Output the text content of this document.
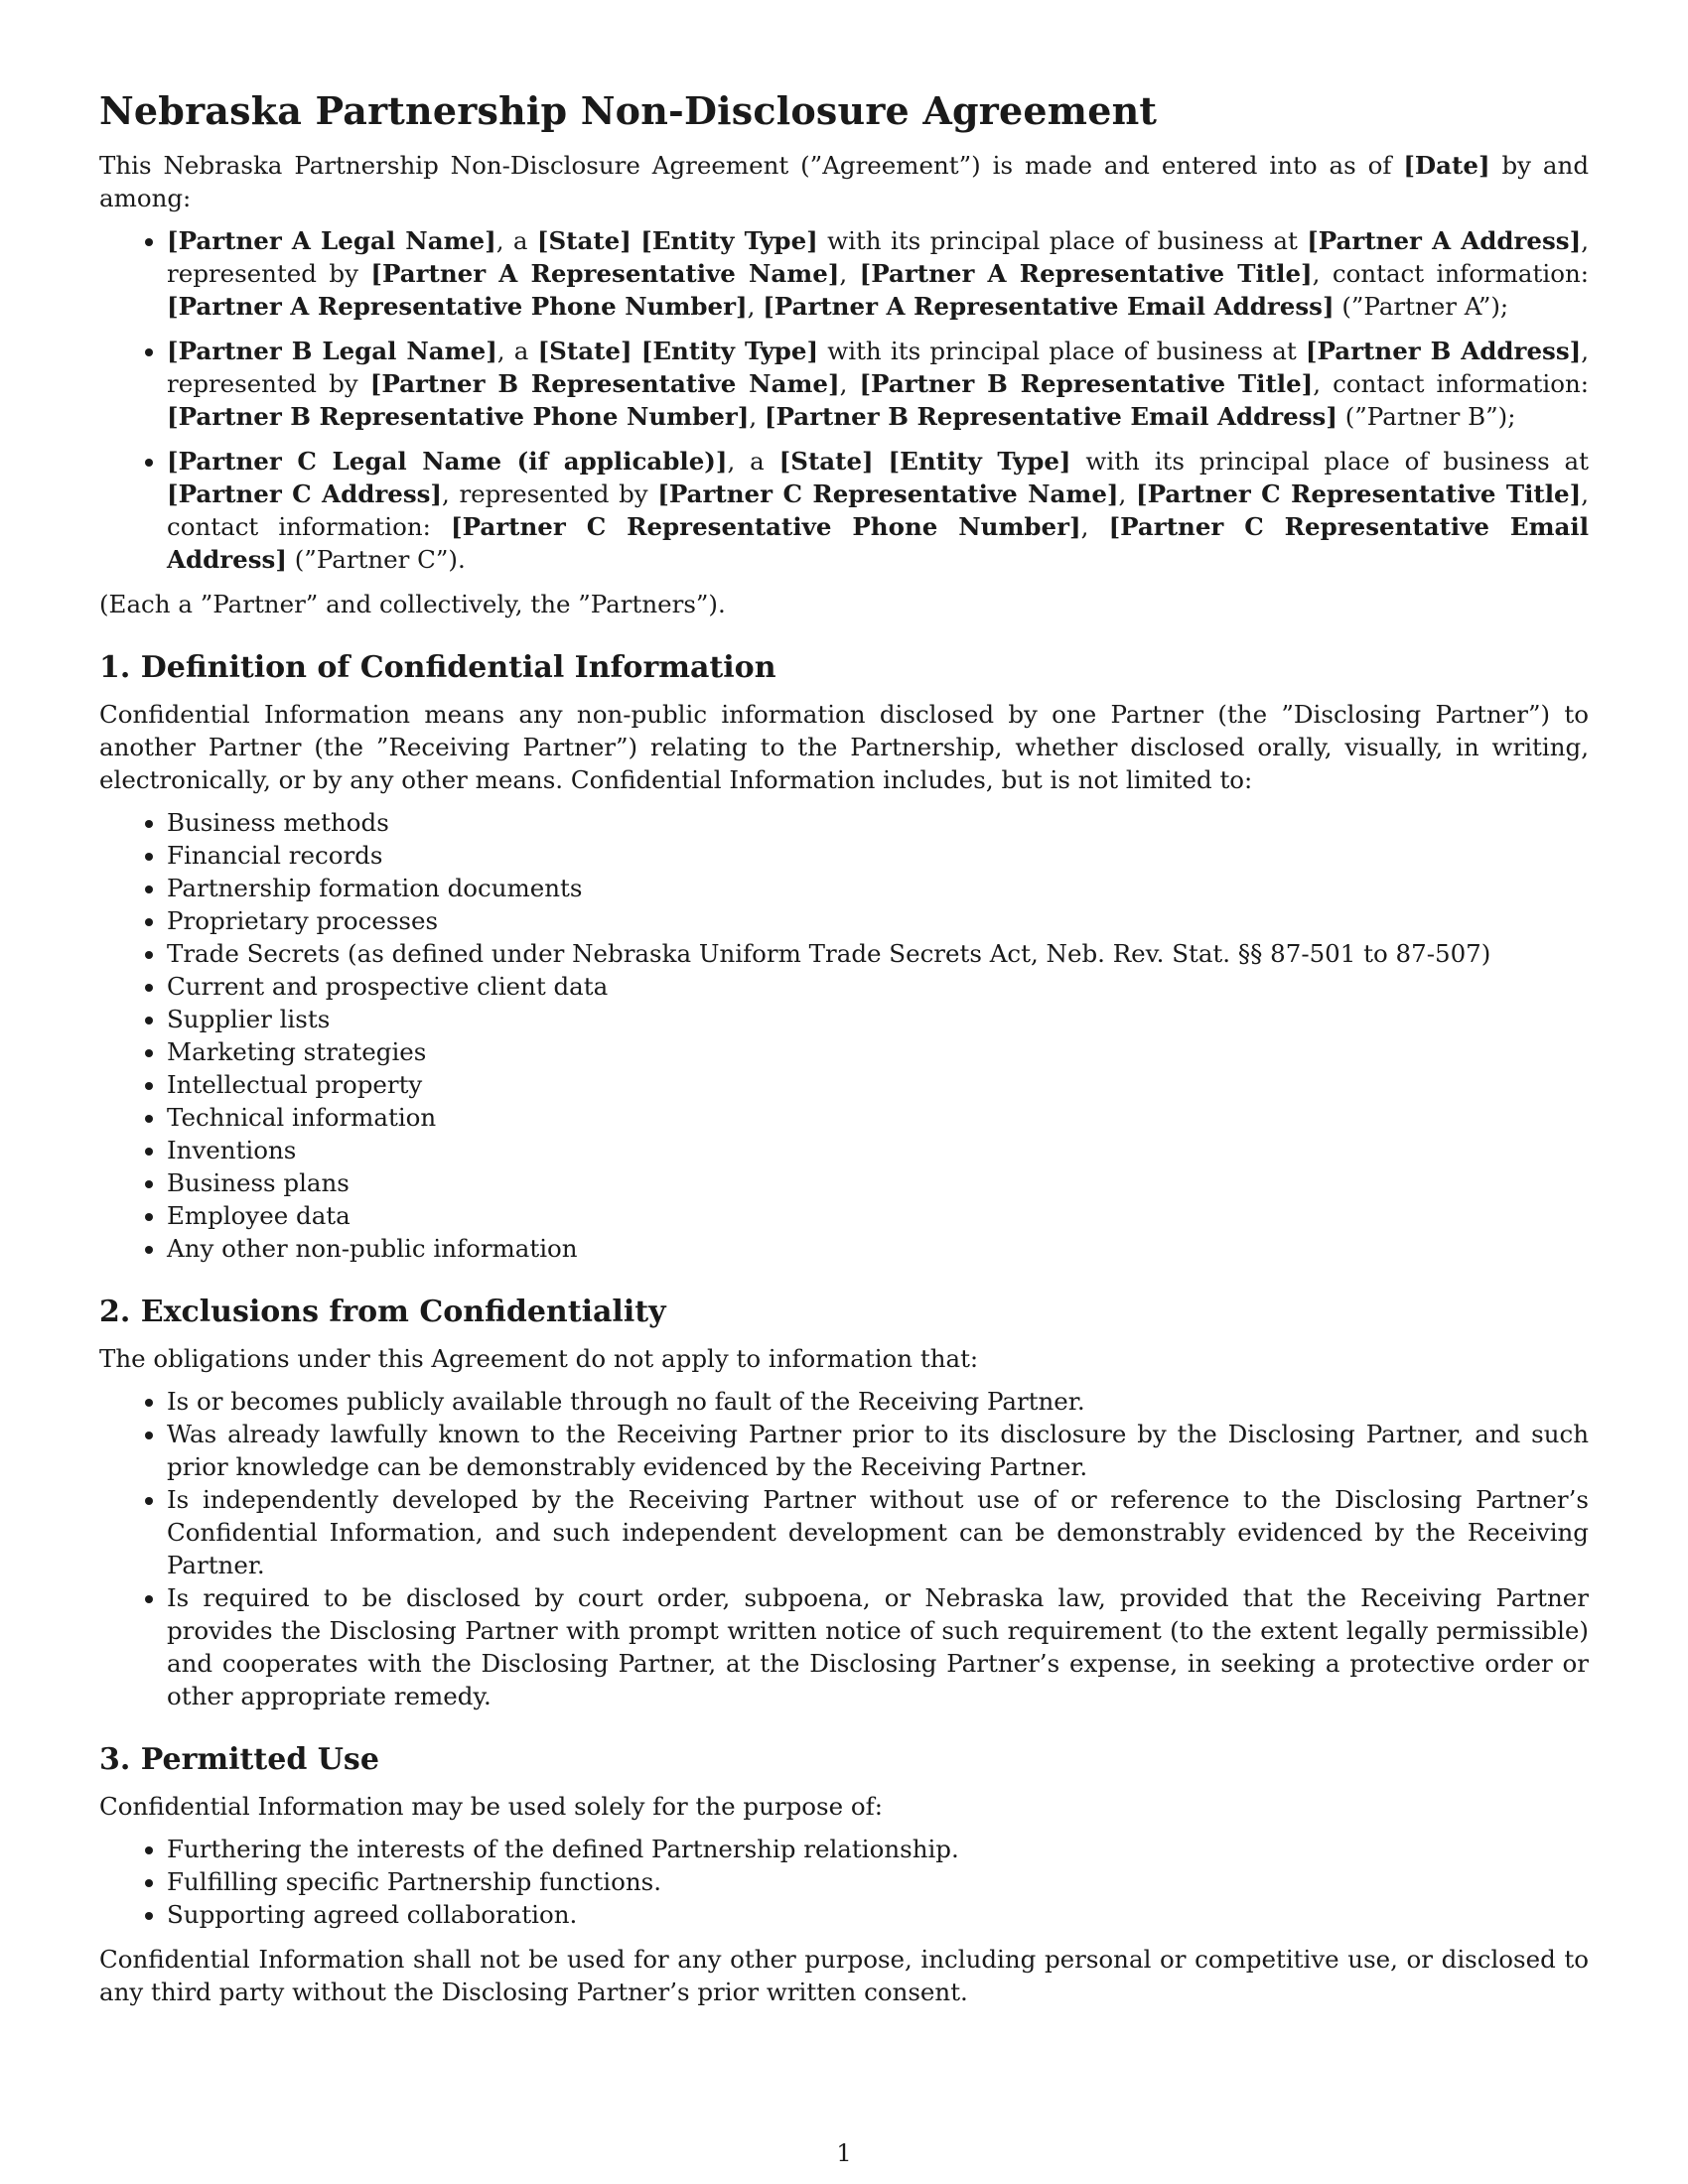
Nebraska Partnership Non-Disclosure Agreement

This Nebraska Partnership Non-Disclosure Agreement (”Agreement”) is made and entered into as of [Date] by and among:

• [Partner A Legal Name], a [State] [Entity Type] with its principal place of business at [Partner A Address], represented by [Partner A Representative Name], [Partner A Representative Title], contact information: [Partner A Representative Phone Number], [Partner A Representative Email Address] (”Partner A”);
• [Partner B Legal Name], a [State] [Entity Type] with its principal place of business at [Partner B Address], represented by [Partner B Representative Name], [Partner B Representative Title], contact information: [Partner B Representative Phone Number], [Partner B Representative Email Address] (”Partner B”);
• [Partner C Legal Name (if applicable)], a [State] [Entity Type] with its principal place of business at [Partner C Address], represented by [Partner C Representative Name], [Partner C Representative Title], contact information: [Partner C Representative Phone Number], [Partner C Representative Email Address] (”Partner C”).

(Each a ”Partner” and collectively, the ”Partners”).

1. Definition of Confidential Information

Confidential Information means any non-public information disclosed by one Partner (the ”Disclosing Partner”) to another Partner (the ”Receiving Partner”) relating to the Partnership, whether disclosed orally, visually, in writing, electronically, or by any other means. Confidential Information includes, but is not limited to:

• Business methods
• Financial records
• Partnership formation documents
• Proprietary processes
• Trade Secrets (as defined under Nebraska Uniform Trade Secrets Act, Neb. Rev. Stat. §§ 87-501 to 87-507)
• Current and prospective client data
• Supplier lists
• Marketing strategies
• Intellectual property
• Technical information
• Inventions
• Business plans
• Employee data
• Any other non-public information
2. Exclusions from Confidentiality

The obligations under this Agreement do not apply to information that:

• Is or becomes publicly available through no fault of the Receiving Partner.
• Was already lawfully known to the Receiving Partner prior to its disclosure by the Disclosing Partner, and such prior knowledge can be demonstrably evidenced by the Receiving Partner.
• Is independently developed by the Receiving Partner without use of or reference to the Disclosing Partner’s Confidential Information, and such independent development can be demonstrably evidenced by the Receiving Partner.
• Is required to be disclosed by court order, subpoena, or Nebraska law, provided that the Receiving Partner provides the Disclosing Partner with prompt written notice of such requirement (to the extent legally permissible) and cooperates with the Disclosing Partner, at the Disclosing Partner’s expense, in seeking a protective order or other appropriate remedy.
3. Permitted Use

Confidential Information may be used solely for the purpose of:

• Furthering the interests of the defined Partnership relationship.
• Fulfilling specific Partnership functions.
• Supporting agreed collaboration.

Confidential Information shall not be used for any other purpose, including personal or competitive use, or disclosed to any third party without the Disclosing Partner’s prior written consent.

1
